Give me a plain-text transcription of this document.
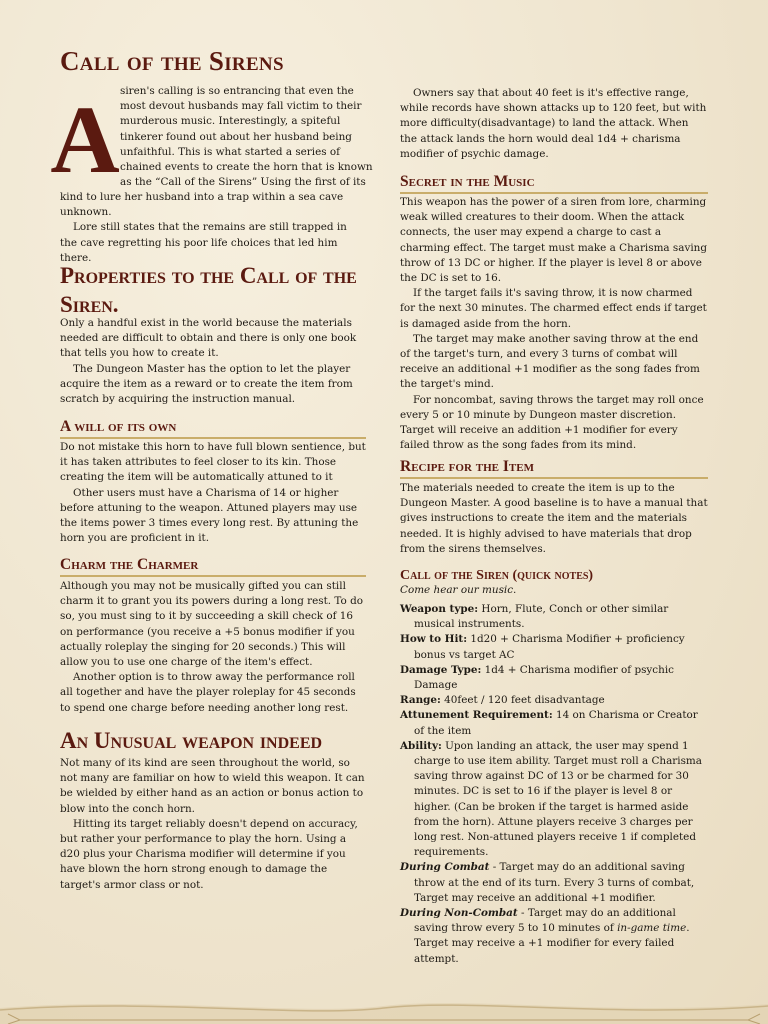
Call of the Sirens
A siren's calling is so entrancing that even the
most devout husbands may fall victim to their
murderous music. Interestingly, a spiteful
tinkerer found out about her husband being
unfaithful. This is what started a series of
chained events to create the horn that is known
as the “Call of the Sirens” Using the first of its

kind to lure her husband into a trap within a sea cave unknown.

Lore still states that the remains are still trapped in the cave regretting his poor life choices that led him there.

Properties to the Call of the Siren.

Only a handful exist in the world because the materials needed are difficult to obtain and there is only one book that tells you how to create it.

The Dungeon Master has the option to let the player acquire the item as a reward or to create the item from scratch by acquiring the instruction manual.

A will of its own

Do not mistake this horn to have full blown sentience, but it has taken attributes to feel closer to its kin. Those creating the item will be automatically attuned to it

Other users must have a Charisma of 14 or higher before attuning to the weapon. Attuned players may use the items power 3 times every long rest. By attuning the horn you are proficient in it.

Charm the Charmer

Although you may not be musically gifted you can still charm it to grant you its powers during a long rest. To do so, you must sing to it by succeeding a skill check of 16 on performance (you receive a +5 bonus modifier if you actually roleplay the singing for 20 seconds.) This will allow you to use one charge of the item's effect.

Another option is to throw away the performance roll all together and have the player roleplay for 45 seconds to spend one charge before needing another long rest.

An Unusual weapon indeed

Not many of its kind are seen throughout the world, so not many are familiar on how to wield this weapon. It can be wielded by either hand as an action or bonus action to blow into the conch horn.

Hitting its target reliably doesn't depend on accuracy, but rather your performance to play the horn. Using a d20 plus your Charisma modifier will determine if you have blown the horn strong enough to damage the target's armor class or not.

Owners say that about 40 feet is it's effective range, while records have shown attacks up to 120 feet, but with more difficulty(disadvantage) to land the attack. When the attack lands the horn would deal 1d4 + charisma modifier of psychic damage.

Secret in the Music

This weapon has the power of a siren from lore, charming weak willed creatures to their doom. When the attack connects, the user may expend a charge to cast a charming effect. The target must make a Charisma saving throw of 13 DC or higher. If the player is level 8 or above the DC is set to 16.

If the target fails it's saving throw, it is now charmed for the next 30 minutes. The charmed effect ends if target is damaged aside from the horn.

The target may make another saving throw at the end of the target's turn, and every 3 turns of combat will receive an additional +1 modifier as the song fades from the target's mind.

For noncombat, saving throws the target may roll once every 5 or 10 minute by Dungeon master discretion. Target will receive an addition +1 modifier for every failed throw as the song fades from its mind.

Recipe for the Item

The materials needed to create the item is up to the Dungeon Master. A good baseline is to have a manual that gives instructions to create the item and the materials needed. It is highly advised to have materials that drop from the sirens themselves.

Call of the Siren (quick notes)
Come hear our music.

Weapon type: Horn, Flute, Conch or other similar musical instruments.

How to Hit: 1d20 + Charisma Modifier + proficiency bonus vs target AC

Damage Type: 1d4 + Charisma modifier of psychic Damage

Range: 40feet / 120 feet disadvantage

Attunement Requirement: 14 on Charisma or Creator of the item

Ability: Upon landing an attack, the user may spend 1 charge to use item ability. Target must roll a Charisma saving throw against DC of 13 or be charmed for 30 minutes. DC is set to 16 if the player is level 8 or higher. (Can be broken if the target is harmed aside from the horn). Attune players receive 3 charges per long rest. Non-attuned players receive 1 if completed requirements.

During Combat - Target may do an additional saving throw at the end of its turn. Every 3 turns of combat, Target may receive an additional +1 modifier.

During Non-Combat - Target may do an additional saving throw every 5 to 10 minutes of in-game time. Target may receive a +1 modifier for every failed attempt.
